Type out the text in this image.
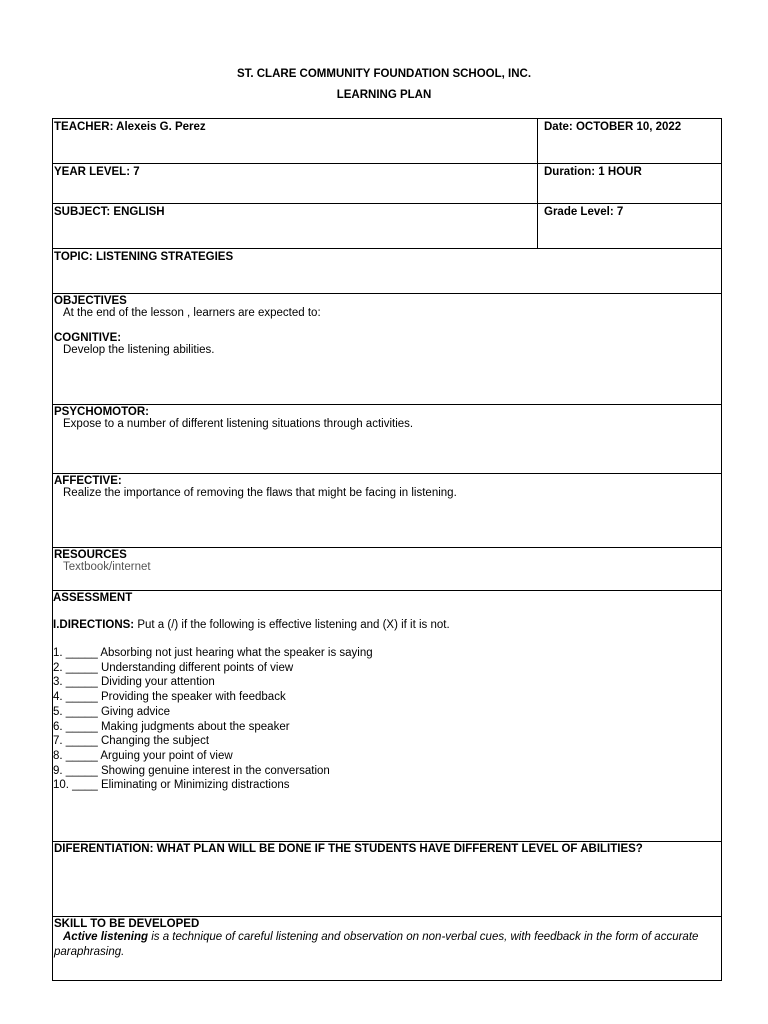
ST. CLARE COMMUNITY FOUNDATION SCHOOL, INC.
LEARNING PLAN
TEACHER: Alexeis G. Perez	Date: OCTOBER 10, 2022
YEAR LEVEL: 7	Duration: 1 HOUR
SUBJECT: ENGLISH	Grade Level: 7
TOPIC: LISTENING STRATEGIES
OBJECTIVES
At the end of the lesson , learners are expected to:
COGNITIVE:
Develop the listening abilities.
PSYCHOMOTOR:
Expose to a number of different listening situations through activities.
AFFECTIVE:
Realize the importance of removing the flaws that might be facing in listening.
RESOURCES
Textbook/internet
ASSESSMENT
I.DIRECTIONS: Put a (/) if the following is effective listening and (X) if it is not.
1. _____ Absorbing not just hearing what the speaker is saying
2. _____ Understanding different points of view
3. _____ Dividing your attention
4. _____ Providing the speaker with feedback
5. _____ Giving advice
6. _____ Making judgments about the speaker
7. _____ Changing the subject
8. _____ Arguing your point of view
9. _____ Showing genuine interest in the conversation
10. ____ Eliminating or Minimizing distractions
DIFERENTIATION: WHAT PLAN WILL BE DONE IF THE STUDENTS HAVE DIFFERENT LEVEL OF ABILITIES?
SKILL TO BE DEVELOPED
Active listening is a technique of careful listening and observation on non-verbal cues, with feedback in the form of accurate paraphrasing.
